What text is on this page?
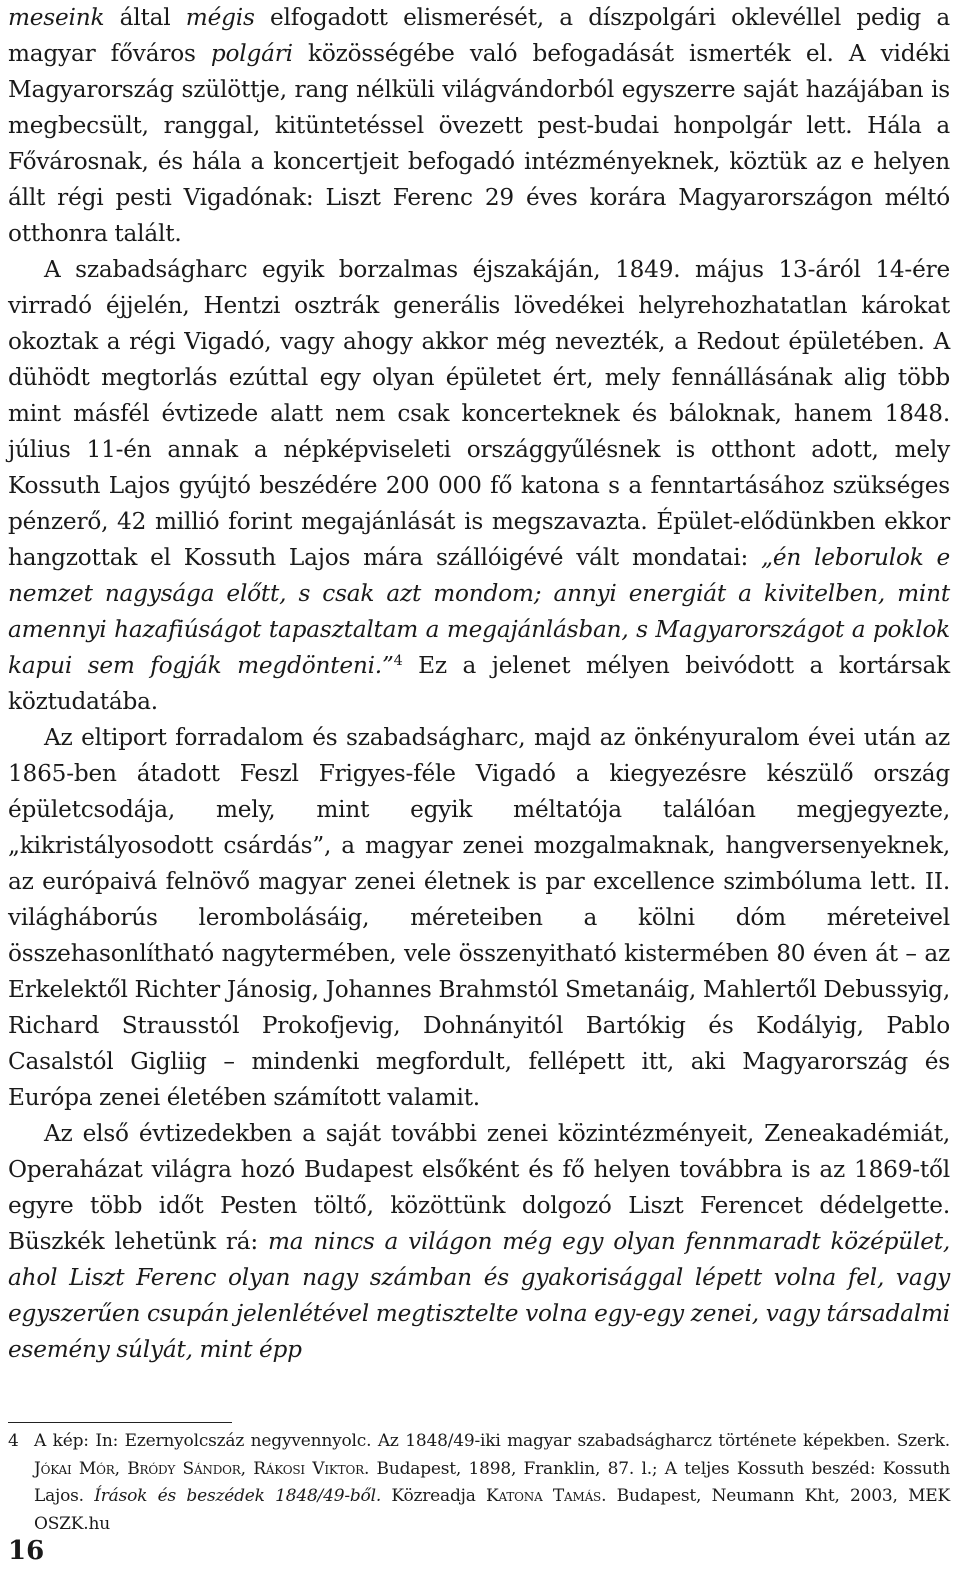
meseink által mégis elfogadott elismerését, a díszpolgári oklevéllel pedig a magyar főváros polgári közösségébe való befogadását ismerték el. A vidéki Magyarország szülöttje, rang nélküli világvándorból egyszerre saját hazájában is megbecsült, ranggal, kitüntetéssel övezett pest-budai honpolgár lett. Hála a Fővárosnak, és hála a koncertjeit befogadó intézményeknek, köztük az e helyen állt régi pesti Vigadónak: Liszt Ferenc 29 éves korára Magyarországon méltó otthonra talált.

A szabadságharc egyik borzalmas éjszakáján, 1849. május 13-áról 14-ére virradó éjjelén, Hentzi osztrák generális lövedékei helyrehozhatatlan károkat okoztak a régi Vigadó, vagy ahogy akkor még nevezték, a Redout épületében. A dühödt megtorlás ezúttal egy olyan épületet ért, mely fennállásának alig több mint másfél évtizede alatt nem csak koncerteknek és báloknak, hanem 1848. július 11-én annak a népképviseleti országgyűlésnek is otthont adott, mely Kossuth Lajos gyújtó beszédére 200 000 fő katona s a fenntartásához szükséges pénzerő, 42 millió forint megajánlását is megszavazta. Épület-elődünkben ekkor hangzottak el Kossuth Lajos mára szállóigévé vált mondatai: „én leborulok e nemzet nagysága előtt, s csak azt mondom; annyi energiát a kivitelben, mint amennyi hazafiúságot tapasztaltam a megajánlásban, s Magyarországot a poklok kapui sem fogják megdönteni.”$^4$ Ez a jelenet mélyen beivódott a kortársak köztudatába.

Az eltiport forradalom és szabadságharc, majd az önkényuralom évei után az 1865-ben átadott Feszl Frigyes-féle Vigadó a kiegyezésre készülő ország épületcsodája, mely, mint egyik méltatója találóan megjegyezte, „kikristályosodott csárdás”, a magyar zenei mozgalmaknak, hangversenyeknek, az európaivá felnövő magyar zenei életnek is par excellence szimbóluma lett. II. világháborús lerombolásáig, méreteiben a kölni dóm méreteivel összehasonlítható nagytermében, vele összenyitható kistermében 80 éven át – az Erkelektől Richter Jánosig, Johannes Brahmstól Smetanáig, Mahlertől Debussyig, Richard Strausstól Prokofjevig, Dohnányitól Bartókig és Kodályig, Pablo Casalstól Gigliig – mindenki megfordult, fellépett itt, aki Magyarország és Európa zenei életében számított valamit.

Az első évtizedekben a saját további zenei közintézményeit, Zeneakadémiát, Operaházat világra hozó Budapest elsőként és fő helyen továbbra is az 1869-től egyre több időt Pesten töltő, közöttünk dolgozó Liszt Ferencet dédelgette. Büszkék lehetünk rá: ma nincs a világon még egy olyan fennmaradt középület, ahol Liszt Ferenc olyan nagy számban és gyakorisággal lépett volna fel, vagy egyszerűen csupán jelenlétével megtisztelte volna egy-egy zenei, vagy társadalmi esemény súlyát, mint épp

4 A kép: In: Ezernyolcszáz negyvennyolc. Az 1848/49-iki magyar szabadságharcz története képekben. Szerk. Jókai Mór, Bródy Sándor, Rákosi Viktor. Budapest, 1898, Franklin, 87. l.; A teljes Kossuth beszéd: Kossuth Lajos. Írások és beszédek 1848/49-ből. Közreadja Katona Tamás. Budapest, Neumann Kht, 2003, MEK OSZK.hu
16
